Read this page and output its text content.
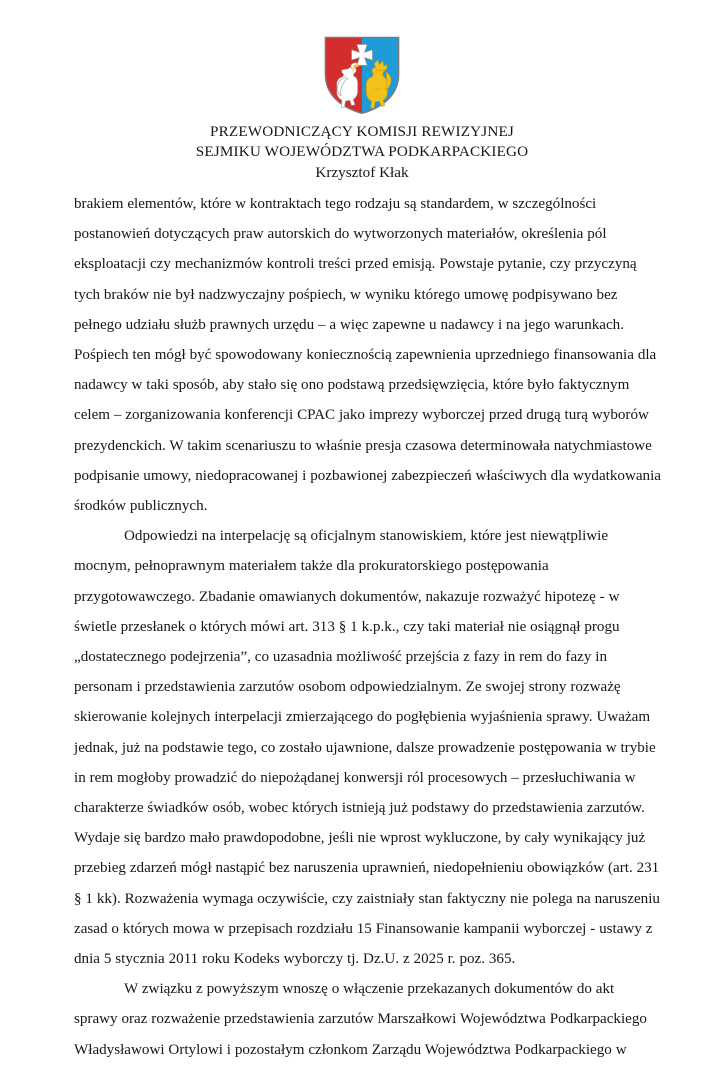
PRZEWODNICZĄCY KOMISJI REWIZYJNEJ
SEJMIKU WOJEWÓDZTWA PODKARPACKIEGO
Krzysztof Kłak

brakiem elementów, które w kontraktach tego rodzaju są standardem, w szczególności postanowień dotyczących praw autorskich do wytworzonych materiałów, określenia pól eksploatacji czy mechanizmów kontroli treści przed emisją. Powstaje pytanie, czy przyczyną tych braków nie był nadzwyczajny pośpiech, w wyniku którego umowę podpisywano bez pełnego udziału służb prawnych urzędu – a więc zapewne u nadawcy i na jego warunkach. Pośpiech ten mógł być spowodowany koniecznością zapewnienia uprzedniego finansowania dla nadawcy w taki sposób, aby stało się ono podstawą przedsięwzięcia, które było faktycznym celem – zorganizowania konferencji CPAC jako imprezy wyborczej przed drugą turą wyborów prezydenckich. W takim scenariuszu to właśnie presja czasowa determinowała natychmiastowe podpisanie umowy, niedopracowanej i pozbawionej zabezpieczeń właściwych dla wydatkowania środków publicznych.

Odpowiedzi na interpelację są oficjalnym stanowiskiem, które jest niewątpliwie mocnym, pełnoprawnym materiałem także dla prokuratorskiego postępowania przygotowawczego. Zbadanie omawianych dokumentów, nakazuje rozważyć hipotezę - w świetle przesłanek o których mówi art. 313 § 1 k.p.k., czy taki materiał nie osiągnął progu „dostatecznego podejrzenia”, co uzasadnia możliwość przejścia z fazy in rem do fazy in personam i przedstawienia zarzutów osobom odpowiedzialnym. Ze swojej strony rozważę skierowanie kolejnych interpelacji zmierzającego do pogłębienia wyjaśnienia sprawy. Uważam jednak, już na podstawie tego, co zostało ujawnione, dalsze prowadzenie postępowania w trybie in rem mogłoby prowadzić do niepożądanej konwersji ról procesowych – przesłuchiwania w charakterze świadków osób, wobec których istnieją już podstawy do przedstawienia zarzutów. Wydaje się bardzo mało prawdopodobne, jeśli nie wprost wykluczone, by cały wynikający już przebieg zdarzeń mógł nastąpić bez naruszenia uprawnień, niedopełnieniu obowiązków (art. 231 § 1 kk). Rozważenia wymaga oczywiście, czy zaistniały stan faktyczny nie polega na naruszeniu zasad o których mowa w przepisach rozdziału 15 Finansowanie kampanii wyborczej - ustawy z dnia 5 stycznia 2011 roku Kodeks wyborczy tj. Dz.U. z 2025 r. poz. 365.

W związku z powyższym wnoszę o włączenie przekazanych dokumentów do akt sprawy oraz rozważenie przedstawienia zarzutów Marszałkowi Województwa Podkarpackiego Władysławowi Ortylowi i pozostałym członkom Zarządu Województwa Podkarpackiego w
